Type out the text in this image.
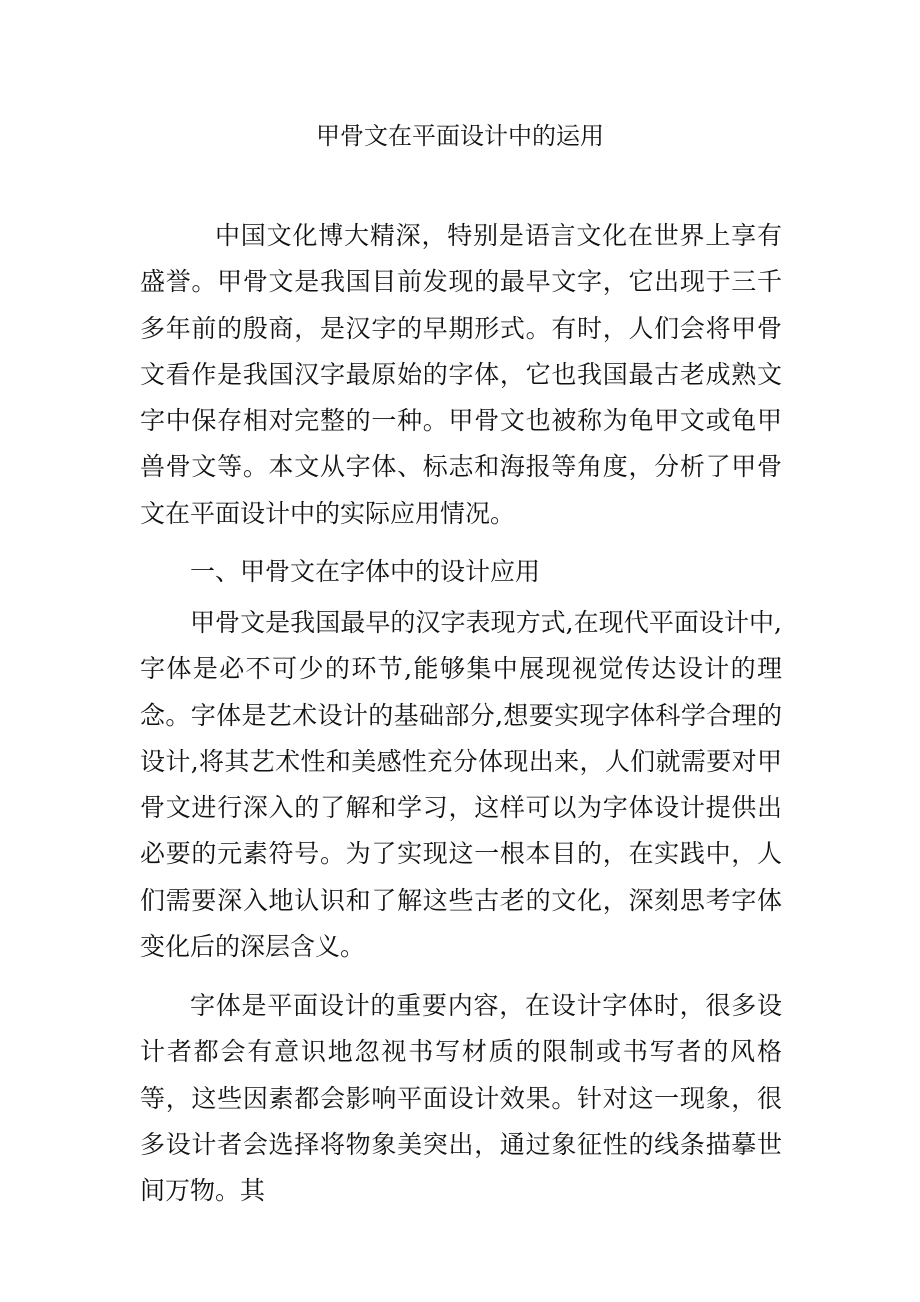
甲骨文在平面设计中的运用

中国文化博大精深，特别是语言文化在世界上享有盛誉。甲骨文是我国目前发现的最早文字，它出现于三千多年前的殷商，是汉字的早期形式。有时，人们会将甲骨文看作是我国汉字最原始的字体，它也我国最古老成熟文字中保存相对完整的一种。甲骨文也被称为龟甲文或龟甲兽骨文等。本文从字体、标志和海报等角度，分析了甲骨文在平面设计中的实际应用情况。

一、甲骨文在字体中的设计应用

甲骨文是我国最早的汉字表现方式,在现代平面设计中,字体是必不可少的环节,能够集中展现视觉传达设计的理念。字体是艺术设计的基础部分,想要实现字体科学合理的设计,将其艺术性和美感性充分体现出来，人们就需要对甲骨文进行深入的了解和学习，这样可以为字体设计提供出必要的元素符号。为了实现这一根本目的，在实践中，人们需要深入地认识和了解这些古老的文化，深刻思考字体变化后的深层含义。

字体是平面设计的重要内容，在设计字体时，很多设计者都会有意识地忽视书写材质的限制或书写者的风格等，这些因素都会影响平面设计效果。针对这一现象，很多设计者会选择将物象美突出，通过象征性的线条描摹世间万物。其
